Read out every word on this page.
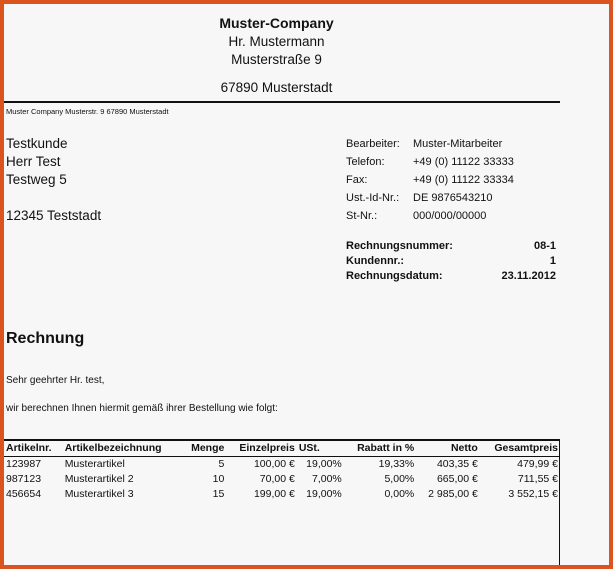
Muster-Company
Hr. Mustermann
Musterstraße 9
67890 Musterstadt
Muster Company Musterstr. 9 67890 Musterstadt
Testkunde
Herr Test
Testweg 5
12345 Teststadt
Bearbeiter: Muster-Mitarbeiter
Telefon:	+49 (0) 11122 33333
Fax:	+49 (0) 11122 33334
Ust.-Id-Nr.: DE 9876543210
St-Nr.:	000/000/00000
Rechnungsnummer:	08-1
Kundennr.:	1
Rechnungsdatum:	23.11.2012
Rechnung
Sehr geehrter Hr. test,
wir berechnen Ihnen hiermit gemäß ihrer Bestellung wie folgt:
Artikelnr.	Artikelbezeichnung	Menge	Einzelpreis	USt.	Rabatt in %	Netto	Gesamtpreis
123987	Musterartikel	5	100,00 €	19,00%	19,33%	403,35 €	479,99 €
987123	Musterartikel 2	10	70,00 €	7,00%	5,00%	665,00 €	711,55 €
456654	Musterartikel 3	15	199,00 €	19,00%	0,00%	2 985,00 €	3 552,15 €
